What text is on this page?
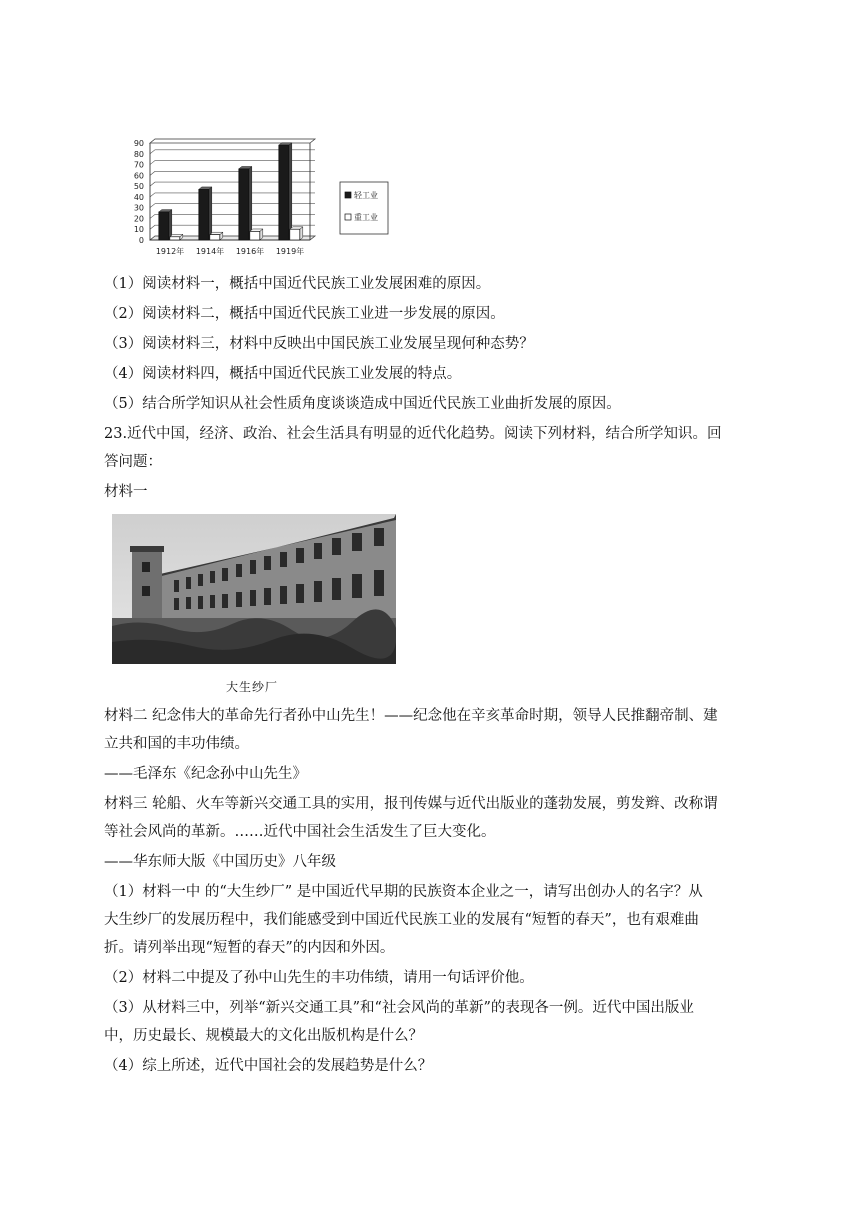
0
10
20
30
40
50
60
70
80
90
1912年 1914年 1916年 1919年
轻工业
重工业
（1）阅读材料一，概括中国近代民族工业发展困难的原因。
（2）阅读材料二，概括中国近代民族工业进一步发展的原因。
（3）阅读材料三，材料中反映出中国民族工业发展呈现何种态势？
（4）阅读材料四，概括中国近代民族工业发展的特点。
（5）结合所学知识从社会性质角度谈谈造成中国近代民族工业曲折发展的原因。
23.近代中国，经济、政治、社会生活具有明显的近代化趋势。阅读下列材料，结合所学知识。回
答问题：
材料一
大生纱厂
材料二 纪念伟大的革命先行者孙中山先生！——纪念他在辛亥革命时期，领导人民推翻帝制、建
立共和国的丰功伟绩。
——毛泽东《纪念孙中山先生》
材料三 轮船、火车等新兴交通工具的实用，报刊传媒与近代出版业的蓬勃发展，剪发辫、改称谓
等社会风尚的革新。……近代中国社会生活发生了巨大变化。
——华东师大版《中国历史》八年级
（1）材料一中 的“大生纱厂” 是中国近代早期的民族资本企业之一，请写出创办人的名字？从
大生纱厂的发展历程中，我们能感受到中国近代民族工业的发展有“短暂的春天”，也有艰难曲
折。请列举出现“短暂的春天”的内因和外因。
（2）材料二中提及了孙中山先生的丰功伟绩，请用一句话评价他。
（3）从材料三中，列举“新兴交通工具”和“社会风尚的革新”的表现各一例。近代中国出版业
中，历史最长、规模最大的文化出版机构是什么？
（4）综上所述，近代中国社会的发展趋势是什么？
